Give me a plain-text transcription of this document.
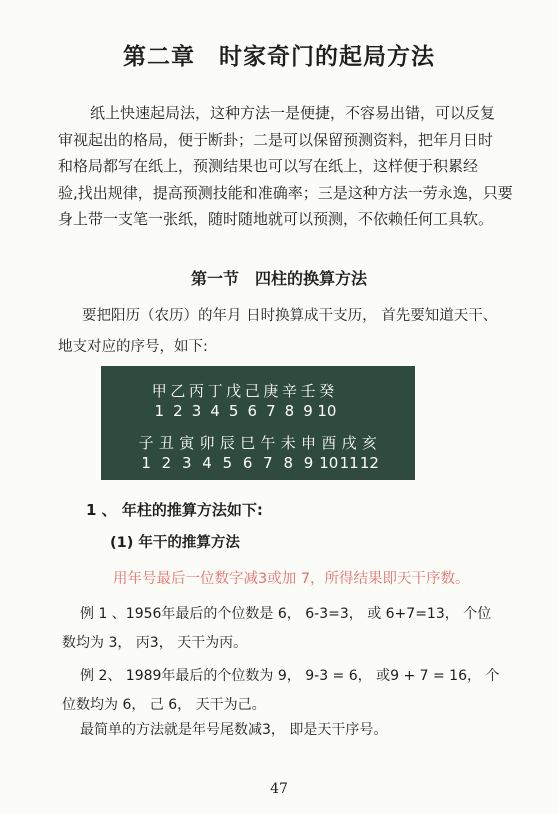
第二章　时家奇门的起局方法
纸上快速起局法，这种方法一是便捷，不容易出错，可以反复
审视起出的格局，便于断卦；二是可以保留预测资料，把年月日时
和格局都写在纸上，预测结果也可以写在纸上，这样便于积累经
验,找出规律，提高预测技能和准确率；三是这种方法一劳永逸，只要
身上带一支笔一张纸，随时随地就可以预测，不依赖任何工具软。
第一节　四柱的换算方法
要把阳历（农历）的年月 日时换算成干支历， 首先要知道天干、
地支对应的序号，如下:
甲 乙 丙 丁 戊 己 庚 辛 壬 癸
1 2 3 4 5 6 7 8 9 10
子 丑 寅 卯 辰 巳 午 未 申 酉 戌 亥
1 2 3 4 5 6 7 8 9 101112
1 、 年柱的推算方法如下:
(1) 年干的推算方法
用年号最后一位数字减3或加 7，所得结果即天干序数。
例 1 、1956年最后的个位数是 6， 6-3=3， 或 6+7=13， 个位
数均为 3， 丙3， 天干为丙。
例 2、 1989年最后的个位数为 9， 9-3 = 6， 或9 + 7 = 16， 个
位数均为 6， 己 6， 天干为己。
最简单的方法就是年号尾数减3， 即是天干序号。
47
